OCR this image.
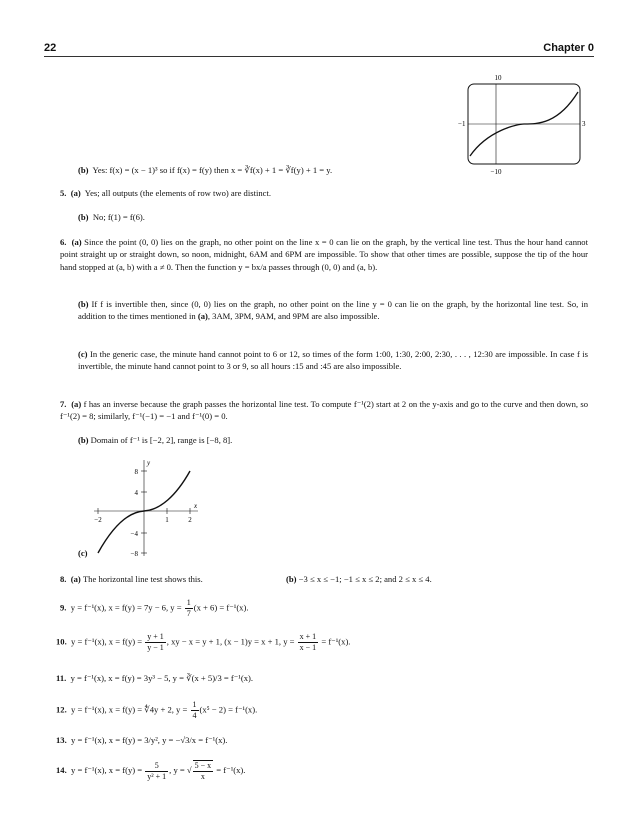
22	Chapter 0
10
−1	3
−10
(b) Yes: f(x) = (x − 1)³ so if f(x) = f(y) then x = ∛f(x) + 1 = ∛f(y) + 1 = y.
5. (a) Yes; all outputs (the elements of row two) are distinct.
(b) No; f(1) = f(6).
6. (a) Since the point (0, 0) lies on the graph, no other point on the line x = 0 can lie on the graph, by the vertical line test. Thus the hour hand cannot point straight up or straight down, so noon, midnight, 6AM and 6PM are impossible. To show that other times are possible, suppose the tip of the hour hand stopped at (a, b) with a ≠ 0. Then the function y = bx/a passes through (0, 0) and (a, b).
(b) If f is invertible then, since (0, 0) lies on the graph, no other point on the line y = 0 can lie on the graph, by the horizontal line test. So, in addition to the times mentioned in (a), 3AM, 3PM, 9AM, and 9PM are also impossible.
(c) In the generic case, the minute hand cannot point to 6 or 12, so times of the form 1:00, 1:30, 2:00, 2:30, . . . , 12:30 are impossible. In case f is invertible, the minute hand cannot point to 3 or 9, so all hours :15 and :45 are also impossible.
7. (a) f has an inverse because the graph passes the horizontal line test. To compute f⁻¹(2) start at 2 on the y-axis and go to the curve and then down, so f⁻¹(2) = 8; similarly, f⁻¹(−1) = −1 and f⁻¹(0) = 0.
(b) Domain of f⁻¹ is [−2, 2], range is [−8, 8].
y
x
8
4
−4
−8
−2	1	2
(c)
8. (a) The horizontal line test shows this.	(b) −3 ≤ x ≤ −1; −1 ≤ x ≤ 2; and 2 ≤ x ≤ 4.
9. y = f⁻¹(x), x = f(y) = 7y − 6, $y = \frac{1}{7} (x + 6) = f^{-1}(x)$.
10. y = f⁻¹(x), $x = f(y) = \frac{y + 1}{y - 1}$ , xy − x = y + 1, (x − 1)y = x + 1, $y = \frac{x + 1}{x - 1} = f^{-1}(x)$.
11. y = f⁻¹(x), x = f(y) = 3y³ − 5, y = ∛(x + 5)/3 = f⁻¹(x).
12. y = f⁻¹(x), x = f(y) = ∜4y + 2, $y = \frac{1}{4} (x^5 - 2) = f^{-1}(x)$.
13. y = f⁻¹(x), x = f(y) = 3/y², y = −√3/x = f⁻¹(x).
14. y = f⁻¹(x), $x = f(y) = \frac{5}{\text{y² + 1}}$ , y = √ $\frac{5 - x}{x} = f^{-1}(x)$.
